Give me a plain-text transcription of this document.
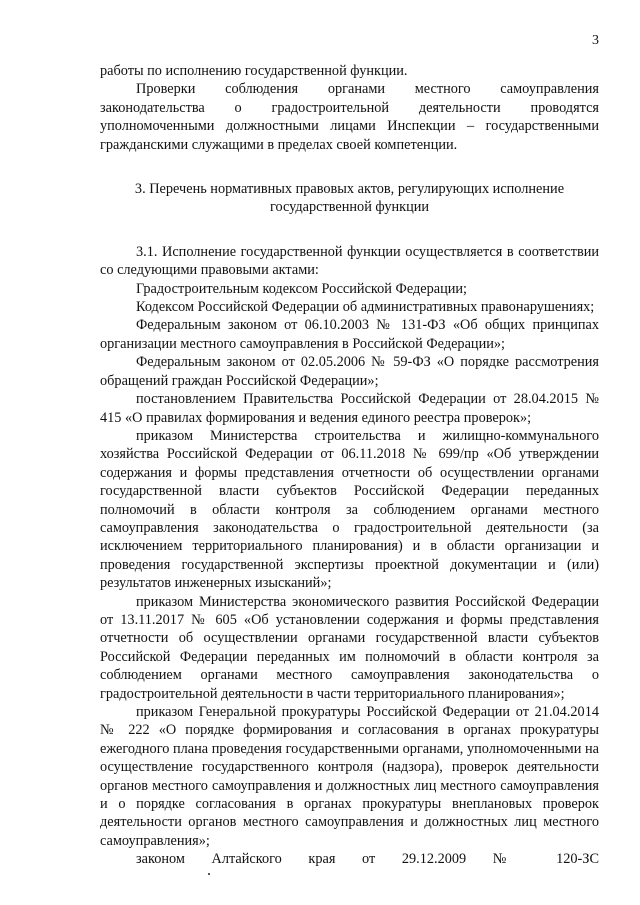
3

работы по исполнению государственной функции.

Проверки соблюдения органами местного самоуправления законодательства о градостроительной деятельности проводятся уполномоченными должностными лицами Инспекции – государственными гражданскими служащими в пределах своей компетенции.

3. Перечень нормативных правовых актов, регулирующих исполнение государственной функции

3.1. Исполнение государственной функции осуществляется в соответствии со следующими правовыми актами:

Градостроительным кодексом Российской Федерации;

Кодексом Российской Федерации об административных правонарушениях;

Федеральным законом от 06.10.2003 № 131-ФЗ «Об общих принципах организации местного самоуправления в Российской Федерации»;

Федеральным законом от 02.05.2006 № 59-ФЗ «О порядке рассмотрения обращений граждан Российской Федерации»;

постановлением Правительства Российской Федерации от 28.04.2015 № 415 «О правилах формирования и ведения единого реестра проверок»;

приказом Министерства строительства и жилищно-коммунального хозяйства Российской Федерации от 06.11.2018 № 699/пр «Об утверждении содержания и формы представления отчетности об осуществлении органами государственной власти субъектов Российской Федерации переданных полномочий в области контроля за соблюдением органами местного самоуправления законодательства о градостроительной деятельности (за исключением территориального планирования) и в области организации и проведения государственной экспертизы проектной документации и (или) результатов инженерных изысканий»;

приказом Министерства экономического развития Российской Федерации от 13.11.2017 № 605 «Об установлении содержания и формы представления отчетности об осуществлении органами государственной власти субъектов Российской Федерации переданных им полномочий в области контроля за соблюдением органами местного самоуправления законодательства о градостроительной деятельности в части территориального планирования»;

приказом Генеральной прокуратуры Российской Федерации от 21.04.2014 № 222 «О порядке формирования и согласования в органах прокуратуры ежегодного плана проведения государственными органами, уполномоченными на осуществление государственного контроля (надзора), проверок деятельности органов местного самоуправления и должностных лиц местного самоуправления и о порядке согласования в органах прокуратуры внеплановых проверок деятельности органов местного самоуправления и должностных лиц местного самоуправления»;

законом Алтайского края от 29.12.2009 № 120-ЗС
